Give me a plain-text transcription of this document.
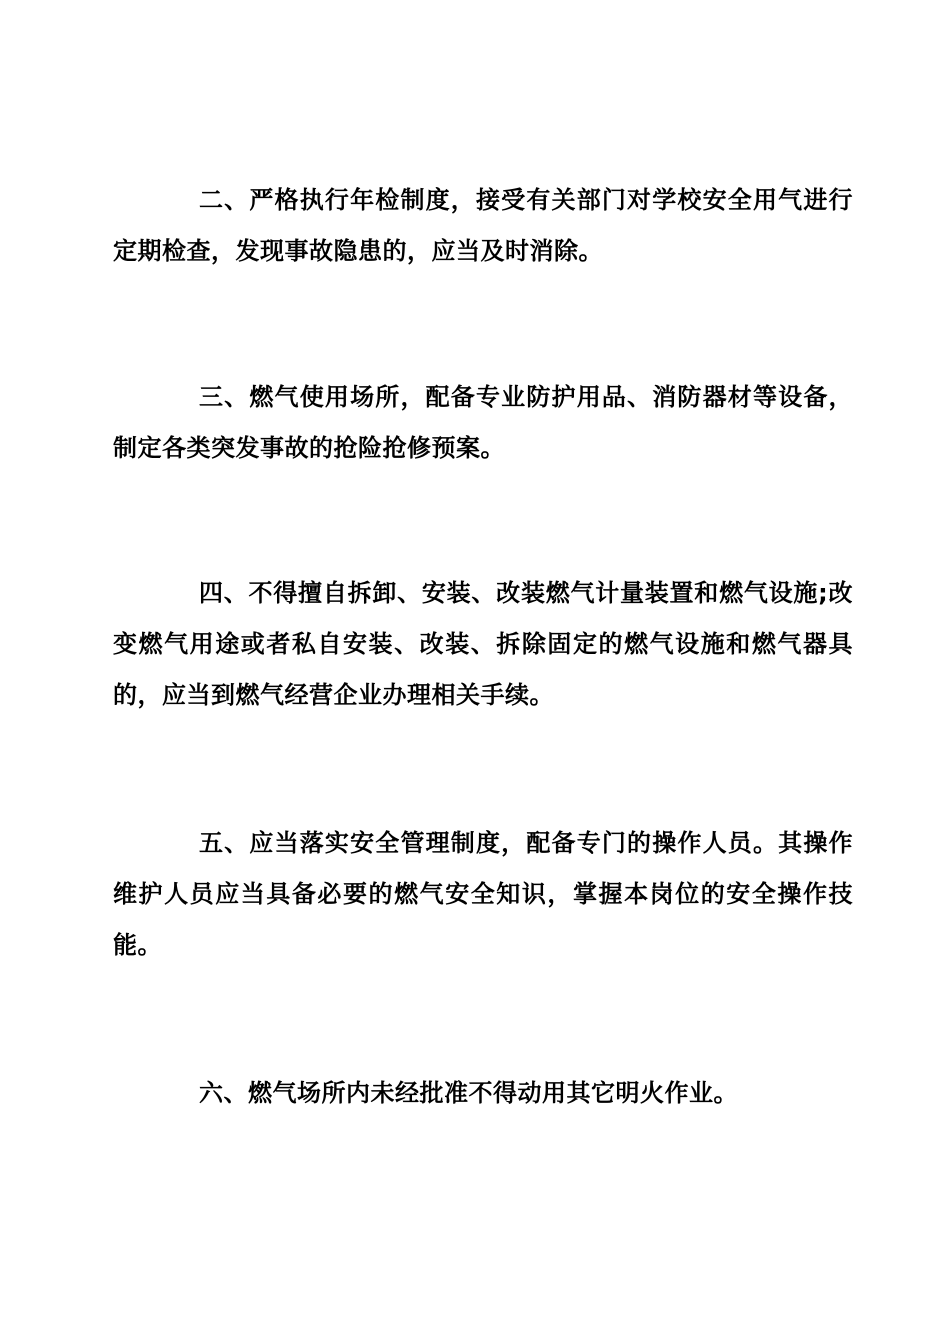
二、严格执行年检制度，接受有关部门对学校安全用气进行定期检查，发现事故隐患的，应当及时消除。

三、燃气使用场所，配备专业防护用品、消防器材等设备，制定各类突发事故的抢险抢修预案。

四、不得擅自拆卸、安装、改装燃气计量装置和燃气设施;改变燃气用途或者私自安装、改装、拆除固定的燃气设施和燃气器具的，应当到燃气经营企业办理相关手续。

五、应当落实安全管理制度，配备专门的操作人员。其操作维护人员应当具备必要的燃气安全知识，掌握本岗位的安全操作技能。

六、燃气场所内未经批准不得动用其它明火作业。
